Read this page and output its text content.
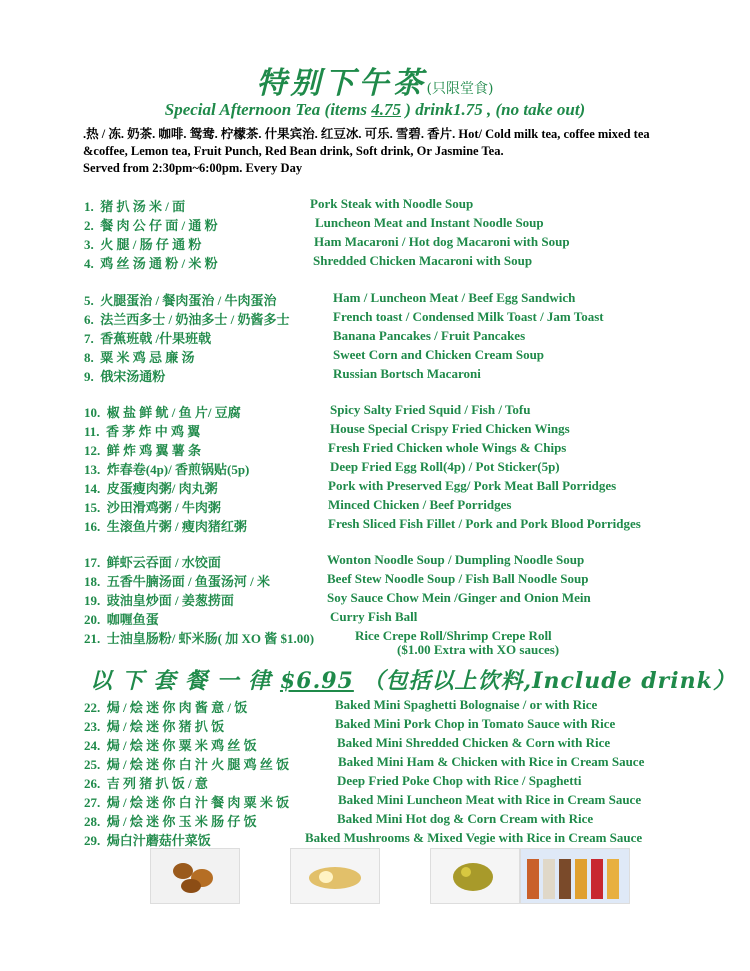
特别下午茶(只限堂食)
Special Afternoon Tea (items 4.75 ) drink1.75 , (no take out)
.热 / 冻. 奶茶. 咖啡. 鸳鸯. 柠檬茶. 什果宾治. 红豆冰. 可乐. 雪碧. 香片. Hot/ Cold milk tea, coffee mixed tea &coffee, Lemon tea, Fruit Punch, Red Bean drink, Soft drink, Or Jasmine Tea.
Served from 2:30pm~6:00pm. Every Day
1. 猪 扒 汤 米 / 面	Pork Steak with Noodle Soup
2. 餐 肉 公 仔 面 / 通 粉	Luncheon Meat and Instant Noodle Soup
3. 火 腿 / 肠 仔 通 粉	Ham Macaroni / Hot dog Macaroni with Soup
4. 鸡 丝 汤 通 粉 / 米 粉	Shredded Chicken Macaroni with Soup
5. 火腿蛋治 / 餐肉蛋治 / 牛肉蛋治	Ham / Luncheon Meat / Beef Egg Sandwich
6. 法兰西多士 / 奶油多士 / 奶酱多士	French toast / Condensed Milk Toast / Jam Toast
7. 香蕉班戟 /什果班戟	Banana Pancakes / Fruit Pancakes
8. 粟 米 鸡 忌 廉 汤	Sweet Corn and Chicken Cream Soup
9. 俄宋汤通粉	Russian Bortsch Macaroni
10. 椒 盐 鲜 鱿 / 鱼 片/ 豆腐	Spicy Salty Fried Squid / Fish / Tofu
11. 香 茅 炸 中 鸡 翼	House Special Crispy Fried Chicken Wings
12. 鲜 炸 鸡 翼 薯 条	Fresh Fried Chicken whole Wings & Chips
13. 炸春卷(4p)/ 香煎锅贴(5p)	Deep Fried Egg Roll(4p) / Pot Sticker(5p)
14. 皮蛋瘦肉粥/ 肉丸粥	Pork with Preserved Egg/ Pork Meat Ball Porridges
15. 沙田滑鸡粥 / 牛肉粥	Minced Chicken / Beef Porridges
16. 生滚鱼片粥 / 瘦肉猪红粥	Fresh Sliced Fish Fillet / Pork and Pork Blood Porridges
17. 鲜虾云吞面 / 水饺面	Wonton Noodle Soup / Dumpling Noodle Soup
18. 五香牛腩汤面 / 鱼蛋汤河 / 米	Beef Stew Noodle Soup / Fish Ball Noodle Soup
19. 豉油皇炒面 / 姜葱捞面	Soy Sauce Chow Mein /Ginger and Onion Mein
20. 咖喱鱼蛋	Curry Fish Ball
21. 士油皇肠粉/ 虾米肠( 加 XO 酱 $1.00)	Rice Crepe Roll/Shrimp Crepe Roll
($1.00 Extra with XO sauces)
以 下 套 餐 一 律 $6.95 （包括以上饮料,Include drink）
22. 焗 / 烩 迷 你 肉 酱 意 / 饭	Baked Mini Spaghetti Bolognaise / or with Rice
23. 焗 / 烩 迷 你 猪 扒 饭	Baked Mini Pork Chop in Tomato Sauce with Rice
24. 焗 / 烩 迷 你 粟 米 鸡 丝 饭	Baked Mini Shredded Chicken & Corn with Rice
25. 焗 / 烩 迷 你 白 汁 火 腿 鸡 丝 饭	Baked Mini Ham & Chicken with Rice in Cream Sauce
26. 吉 列 猪 扒 饭 / 意	Deep Fried Poke Chop with Rice / Spaghetti
27. 焗 / 烩 迷 你 白 汁 餐 肉 粟 米 饭	Baked Mini Luncheon Meat with Rice in Cream Sauce
28. 焗 / 烩 迷 你 玉 米 肠 仔 饭	Baked Mini Hot dog & Corn Cream with Rice
29. 焗白汁蘑菇什菜饭	Baked Mushrooms & Mixed Vegie with Rice in Cream Sauce
